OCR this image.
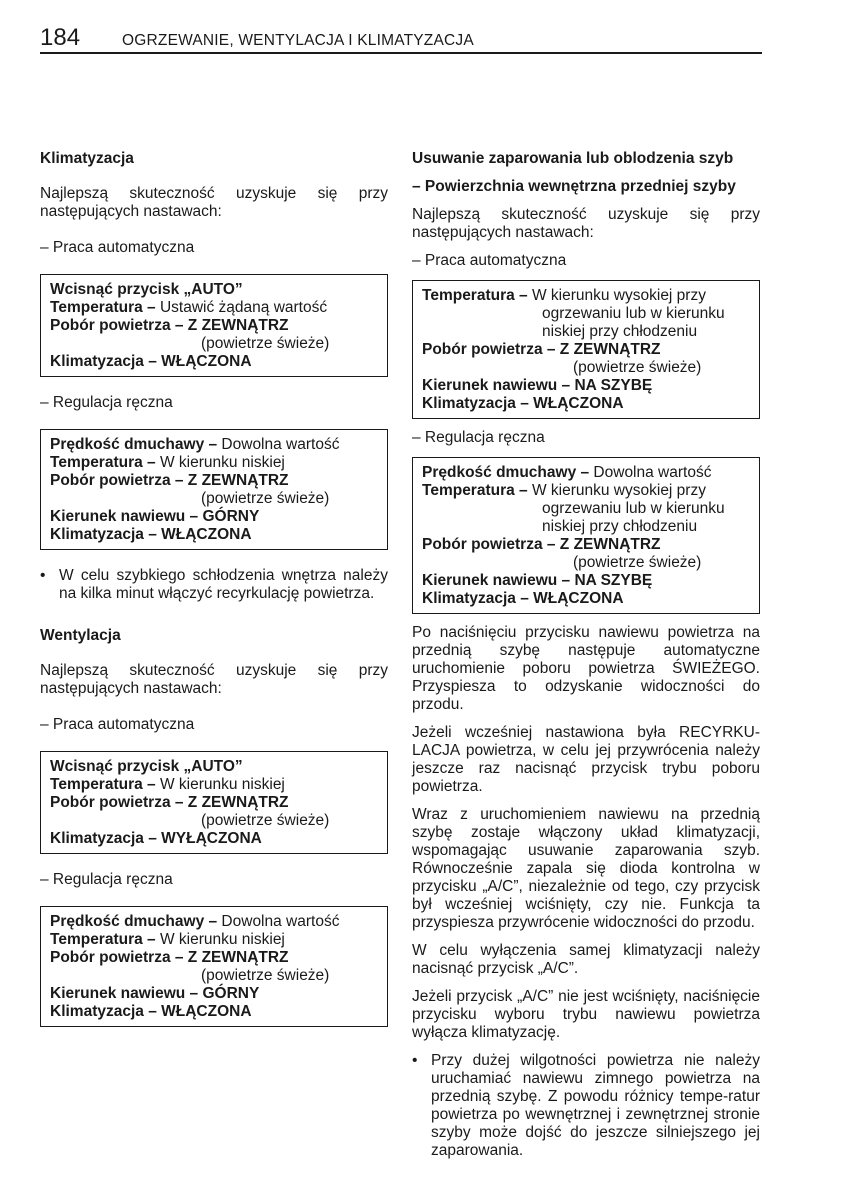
184	OGRZEWANIE, WENTYLACJA I KLIMATYZACJA
Klimatyzacja
Najlepszą skuteczność uzyskuje się przy następujących nastawach:
– Praca automatyczna
Wcisnąć przycisk „AUTO”
Temperatura – Ustawić żądaną wartość
Pobór powietrza – Z ZEWNĄTRZ
(powietrze świeże)
Klimatyzacja – WŁĄCZONA
– Regulacja ręczna
Prędkość dmuchawy – Dowolna wartość
Temperatura – W kierunku niskiej
Pobór powietrza – Z ZEWNĄTRZ
(powietrze świeże)
Kierunek nawiewu – GÓRNY
Klimatyzacja – WŁĄCZONA
• W celu szybkiego schłodzenia wnętrza należy na kilka minut włączyć recyrkulację powietrza.
Wentylacja
Najlepszą skuteczność uzyskuje się przy następujących nastawach:
– Praca automatyczna
Wcisnąć przycisk „AUTO”
Temperatura – W kierunku niskiej
Pobór powietrza – Z ZEWNĄTRZ
(powietrze świeże)
Klimatyzacja – WYŁĄCZONA
– Regulacja ręczna
Prędkość dmuchawy – Dowolna wartość
Temperatura – W kierunku niskiej
Pobór powietrza – Z ZEWNĄTRZ
(powietrze świeże)
Kierunek nawiewu – GÓRNY
Klimatyzacja – WŁĄCZONA
Usuwanie zaparowania lub oblodzenia szyb
– Powierzchnia wewnętrzna przedniej szyby
Najlepszą skuteczność uzyskuje się przy następujących nastawach:
– Praca automatyczna
Temperatura – W kierunku wysokiej przy
ogrzewaniu lub w kierunku
niskiej przy chłodzeniu
Pobór powietrza – Z ZEWNĄTRZ
(powietrze świeże)
Kierunek nawiewu – NA SZYBĘ
Klimatyzacja – WŁĄCZONA
– Regulacja ręczna
Prędkość dmuchawy – Dowolna wartość
Temperatura – W kierunku wysokiej przy
ogrzewaniu lub w kierunku
niskiej przy chłodzeniu
Pobór powietrza – Z ZEWNĄTRZ
(powietrze świeże)
Kierunek nawiewu – NA SZYBĘ
Klimatyzacja – WŁĄCZONA
Po naciśnięciu przycisku nawiewu powietrza na przednią szybę następuje automatyczne uruchomienie poboru powietrza ŚWIEŻEGO. Przyspiesza to odzyskanie widoczności do przodu.
Jeżeli wcześniej nastawiona była RECYRKU-LACJA powietrza, w celu jej przywrócenia należy jeszcze raz nacisnąć przycisk trybu poboru powietrza.
Wraz z uruchomieniem nawiewu na przednią szybę zostaje włączony układ klimatyzacji, wspomagając usuwanie zaparowania szyb. Równocześnie zapala się dioda kontrolna w przycisku „A/C”, niezależnie od tego, czy przycisk był wcześniej wciśnięty, czy nie. Funkcja ta przyspiesza przywrócenie widoczności do przodu.
W celu wyłączenia samej klimatyzacji należy nacisnąć przycisk „A/C”.
Jeżeli przycisk „A/C” nie jest wciśnięty, naciśnięcie przycisku wyboru trybu nawiewu powietrza wyłącza klimatyzację.
• Przy dużej wilgotności powietrza nie należy uruchamiać nawiewu zimnego powietrza na przednią szybę. Z powodu różnicy tempe-ratur powietrza po wewnętrznej i zewnętrznej stronie szyby może dojść do jeszcze silniejszego jej zaparowania.
